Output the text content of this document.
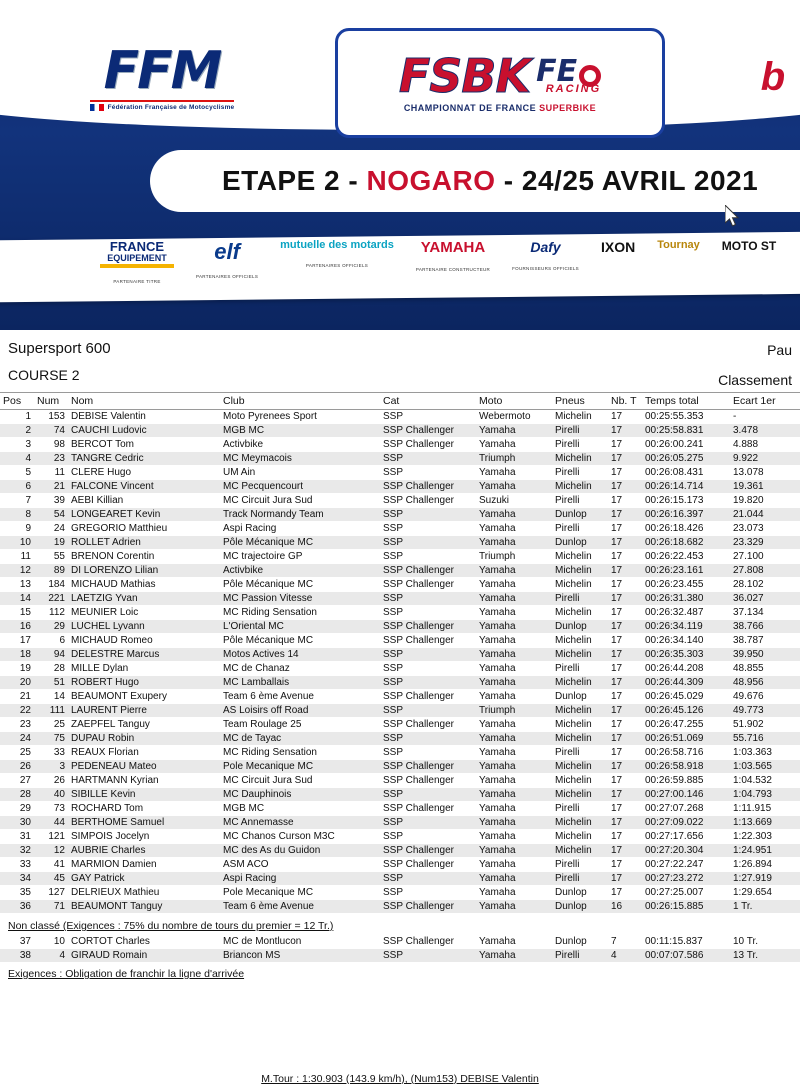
FFM
Fédération Française de Motocyclisme
FSBK FE
RACING
CHAMPIONNAT DE FRANCE SUPERBIKE
b
ETAPE 2 - NOGARO - 24/25 AVRIL 2021
FRANCE
EQUIPEMENT
PARTENAIRE TITRE
elf
PARTENAIRES OFFICIELS
mutuelle des motards
PARTENAIRES OFFICIELS
YAMAHA
PARTENAIRE CONSTRUCTEUR
Dafy
FOURNISSEURS OFFICIELS
IXON Tournay MOTO ST
Supersport 600
COURSE 2
Pau
Classement
Pos	Num	Nom	Club	Cat	Moto	Pneus	Nb. T	Temps total	Ecart 1er
1	153	DEBISE Valentin	Moto Pyrenees Sport	SSP	Webermoto	Michelin	17	00:25:55.353	-
2	74	CAUCHI Ludovic	MGB MC	SSP Challenger	Yamaha	Pirelli	17	00:25:58.831	3.478
3	98	BERCOT Tom	Activbike	SSP Challenger	Yamaha	Pirelli	17	00:26:00.241	4.888
4	23	TANGRE Cedric	MC Meymacois	SSP	Triumph	Michelin	17	00:26:05.275	9.922
5	11	CLERE Hugo	UM Ain	SSP	Yamaha	Pirelli	17	00:26:08.431	13.078
6	21	FALCONE Vincent	MC Pecquencourt	SSP Challenger	Yamaha	Michelin	17	00:26:14.714	19.361
7	39	AEBI Killian	MC Circuit Jura Sud	SSP Challenger	Suzuki	Pirelli	17	00:26:15.173	19.820
8	54	LONGEARET Kevin	Track Normandy Team	SSP	Yamaha	Dunlop	17	00:26:16.397	21.044
9	24	GREGORIO Matthieu	Aspi Racing	SSP	Yamaha	Pirelli	17	00:26:18.426	23.073
10	19	ROLLET Adrien	Pôle Mécanique MC	SSP	Yamaha	Dunlop	17	00:26:18.682	23.329
11	55	BRENON Corentin	MC trajectoire GP	SSP	Triumph	Michelin	17	00:26:22.453	27.100
12	89	DI LORENZO Lilian	Activbike	SSP Challenger	Yamaha	Michelin	17	00:26:23.161	27.808
13	184	MICHAUD Mathias	Pôle Mécanique MC	SSP Challenger	Yamaha	Michelin	17	00:26:23.455	28.102
14	221	LAETZIG Yvan	MC Passion Vitesse	SSP	Yamaha	Pirelli	17	00:26:31.380	36.027
15	112	MEUNIER Loic	MC Riding Sensation	SSP	Yamaha	Michelin	17	00:26:32.487	37.134
16	29	LUCHEL Lyvann	L'Oriental MC	SSP Challenger	Yamaha	Dunlop	17	00:26:34.119	38.766
17	6	MICHAUD Romeo	Pôle Mécanique MC	SSP Challenger	Yamaha	Michelin	17	00:26:34.140	38.787
18	94	DELESTRE Marcus	Motos Actives 14	SSP	Yamaha	Michelin	17	00:26:35.303	39.950
19	28	MILLE Dylan	MC de Chanaz	SSP	Yamaha	Pirelli	17	00:26:44.208	48.855
20	51	ROBERT Hugo	MC Lamballais	SSP	Yamaha	Michelin	17	00:26:44.309	48.956
21	14	BEAUMONT Exupery	Team 6 ème Avenue	SSP Challenger	Yamaha	Dunlop	17	00:26:45.029	49.676
22	111	LAURENT Pierre	AS Loisirs off Road	SSP	Triumph	Michelin	17	00:26:45.126	49.773
23	25	ZAEPFEL Tanguy	Team Roulage 25	SSP Challenger	Yamaha	Michelin	17	00:26:47.255	51.902
24	75	DUPAU Robin	MC de Tayac	SSP	Yamaha	Michelin	17	00:26:51.069	55.716
25	33	REAUX Florian	MC Riding Sensation	SSP	Yamaha	Pirelli	17	00:26:58.716	1:03.363
26	3	PEDENEAU Mateo	Pole Mecanique MC	SSP Challenger	Yamaha	Michelin	17	00:26:58.918	1:03.565
27	26	HARTMANN Kyrian	MC Circuit Jura Sud	SSP Challenger	Yamaha	Michelin	17	00:26:59.885	1:04.532
28	40	SIBILLE Kevin	MC Dauphinois	SSP	Yamaha	Michelin	17	00:27:00.146	1:04.793
29	73	ROCHARD Tom	MGB MC	SSP Challenger	Yamaha	Pirelli	17	00:27:07.268	1:11.915
30	44	BERTHOME Samuel	MC Annemasse	SSP	Yamaha	Michelin	17	00:27:09.022	1:13.669
31	121	SIMPOIS Jocelyn	MC Chanos Curson M3C	SSP	Yamaha	Michelin	17	00:27:17.656	1:22.303
32	12	AUBRIE Charles	MC des As du Guidon	SSP Challenger	Yamaha	Michelin	17	00:27:20.304	1:24.951
33	41	MARMION Damien	ASM ACO	SSP Challenger	Yamaha	Pirelli	17	00:27:22.247	1:26.894
34	45	GAY Patrick	Aspi Racing	SSP	Yamaha	Pirelli	17	00:27:23.272	1:27.919
35	127	DELRIEUX Mathieu	Pole Mecanique MC	SSP	Yamaha	Dunlop	17	00:27:25.007	1:29.654
36	71	BEAUMONT Tanguy	Team 6 ème Avenue	SSP Challenger	Yamaha	Dunlop	16	00:26:15.885	1 Tr.
Non classé (Exigences : 75% du nombre de tours du premier = 12 Tr.)
37	10	CORTOT Charles	MC de Montlucon	SSP Challenger	Yamaha	Dunlop	7	00:11:15.837	10 Tr.
38	4	GIRAUD Romain	Briancon MS	SSP	Yamaha	Pirelli	4	00:07:07.586	13 Tr.
Exigences : Obligation de franchir la ligne d'arrivée
M.Tour : 1:30.903 (143.9 km/h), (Num153) DEBISE Valentin
